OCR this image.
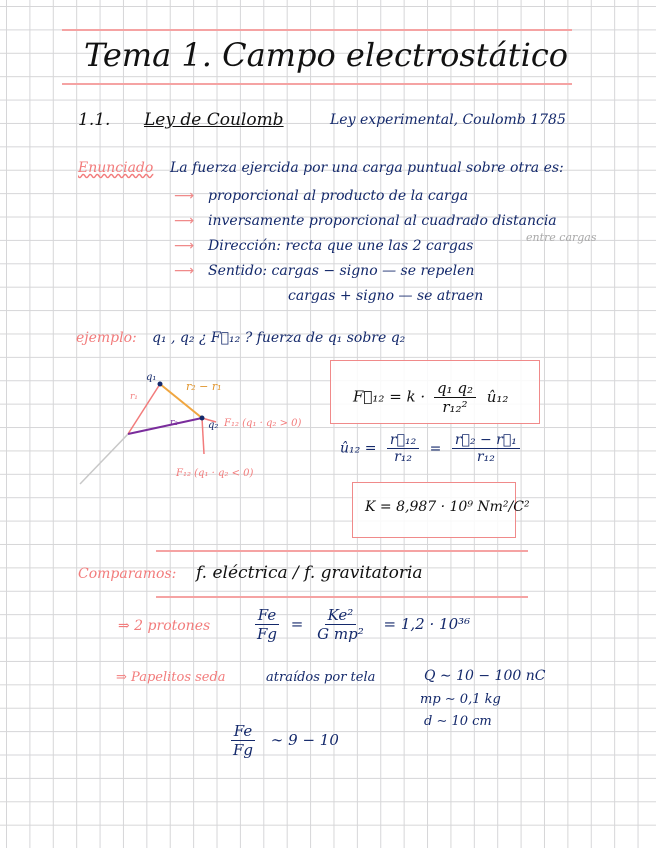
Tema 1. Campo electrostático
1.1. Ley de Coulomb	Ley experimental, Coulomb 1785
Enunciado La fuerza ejercida por una carga puntual sobre otra es:
⟶ proporcional al producto de la carga
⟶ inversamente proporcional al cuadrado distancia
⟶ Dirección: recta que une las 2 cargas
entre cargas
⟶ Sentido: cargas − signo — se repelen
cargas + signo — se atraen
ejemplo: q₁ , q₂ ¿ F⃗₁₂ ? fuerza de q₁ sobre q₂
q₁
r₁
r₂ − r₁
r₂	q₂ F₁₂ (q₁ · q₂ > 0)
F₁₂ (q₁ · q₂ < 0)
F⃗₁₂ = $k \cdot \frac{\text{q₁ q₂}}{\text{r₁₂²}}$ û₁₂
û₁₂ = $\frac{\text{r⃗₁₂}}{\text{r₁₂}} = \frac{\text{r⃗₂ − r⃗₁}}{\text{r₁₂}}$
K = 8,987 · 10⁹ Nm²/C²
Comparamos: f. eléctrica / f. gravitatoria
⇒ 2 protones	$\frac{Fe}{Fg} = \frac{\text{Ke²}}{\text{G mp²}} = 1,2 \cdot 10^{36}$
⇒ Papelitos seda	atraídos por tela	Q ∼ 10 − 100 nC
mp ∼ 0,1 kg
d ∼ 10 cm
$\frac{Fe}{Fg}$ ∼ 9 − 10
